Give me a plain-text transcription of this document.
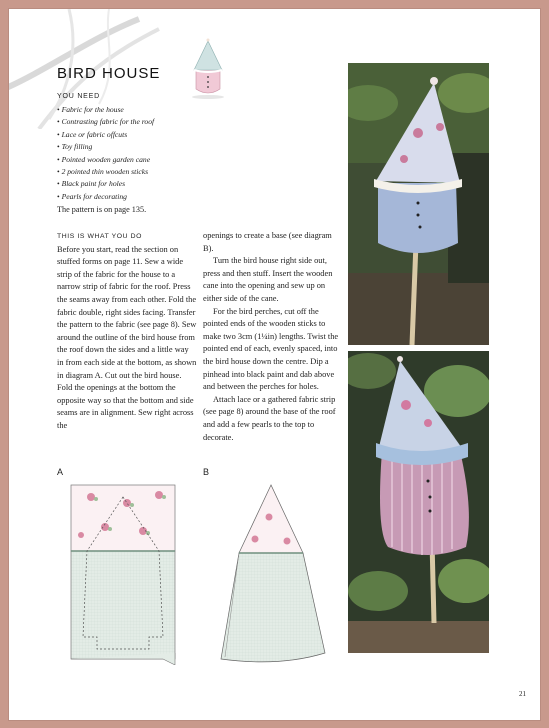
BIRD HOUSE
YOU NEED
• Fabric for the house
• Contrasting fabric for the roof
• Lace or fabric offcuts
• Toy filling
• Pointed wooden garden cane
• 2 pointed thin wooden sticks
• Black paint for holes
• Pearls for decorating
The pattern is on page 135.

THIS IS WHAT YOU DO

Before you start, read the section on stuffed forms on page 11. Sew a wide strip of the fabric for the house to a narrow strip of fabric for the roof. Press the seams away from each other. Fold the fabric double, right sides facing. Transfer the pattern to the fabric (see page 8). Sew around the outline of the bird house from the roof down the sides and a little way in from each side at the bottom, as shown in diagram A. Cut out the bird house. Fold the openings at the bottom the opposite way so that the bottom and side seams are in alignment. Sew right across the

openings to create a base (see diagram B).

Turn the bird house right side out, press and then stuff. Insert the wooden cane into the opening and sew up on either side of the cane.

For the bird perches, cut off the pointed ends of the wooden sticks to make two 3cm (1¼in) lengths. Twist the pointed end of each, evenly spaced, into the bird house down the centre. Dip a pinhead into black paint and dab above and between the perches for holes.

Attach lace or a gathered fabric strip (see page 8) around the base of the roof and add a few pearls to the top to decorate.

A	B
21
